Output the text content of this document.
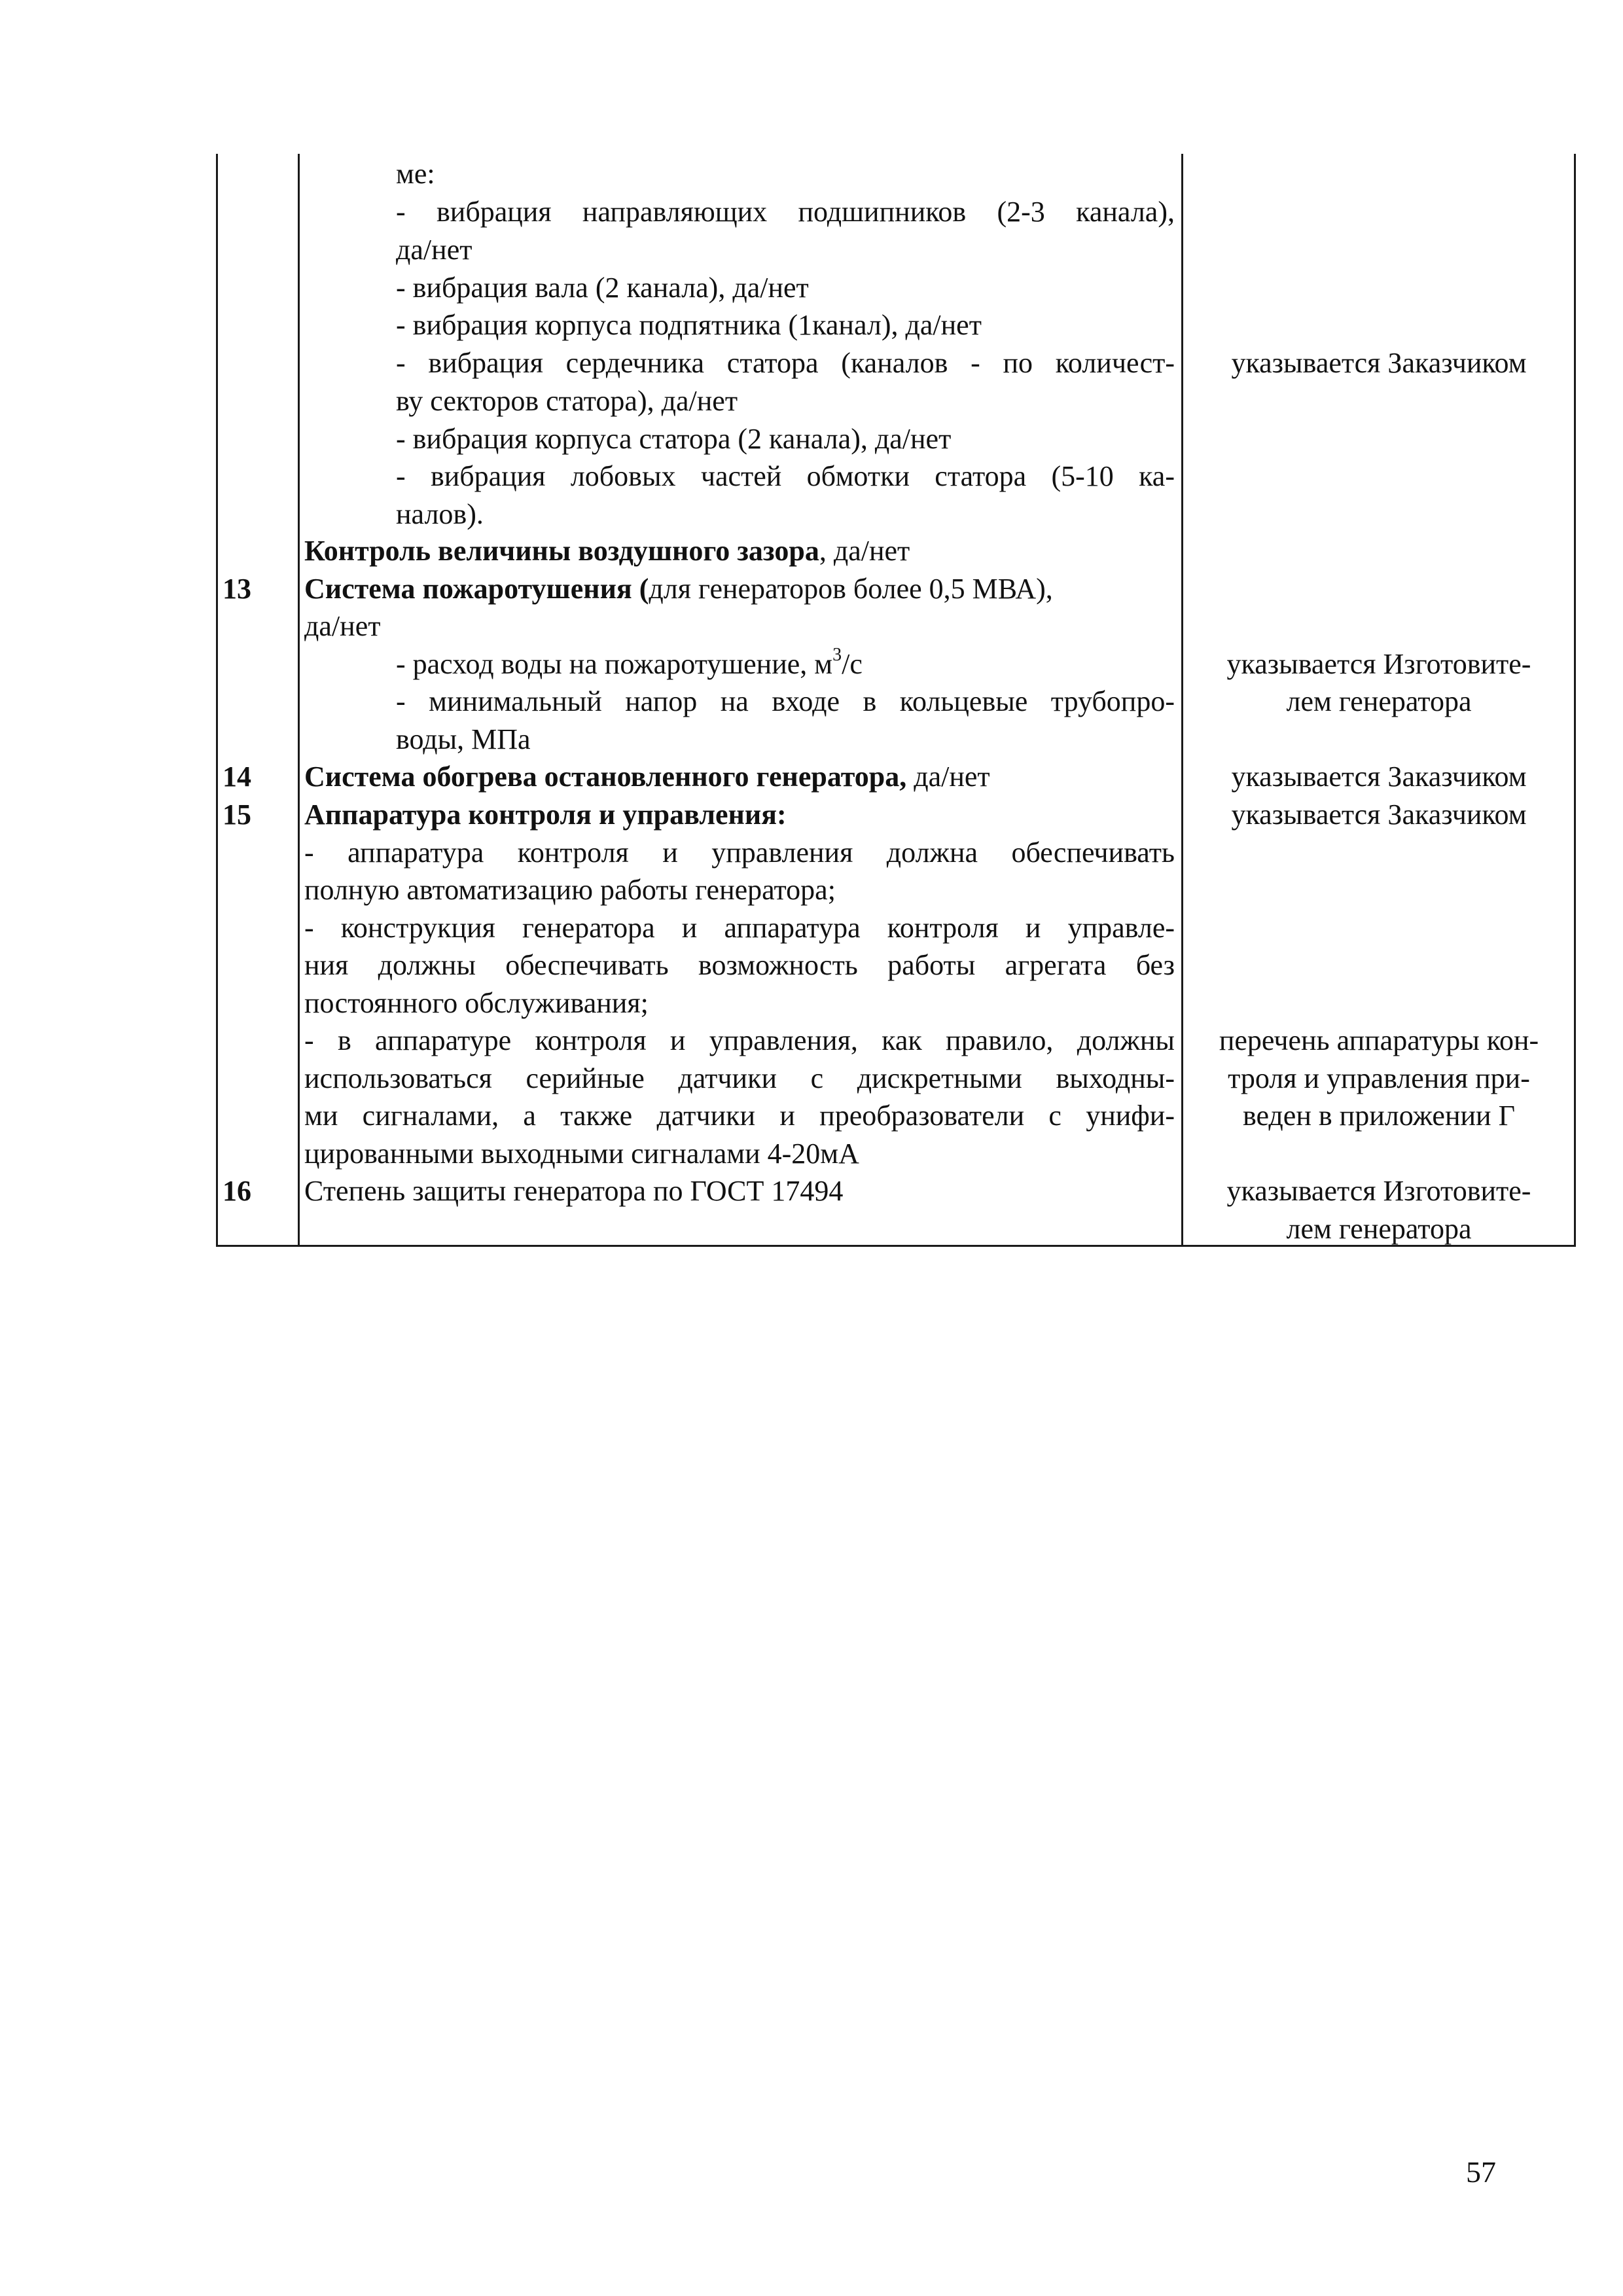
13
14
15
16
ме:
- вибрация направляющих подшипников (2-3 канала),
да/нет
- вибрация вала (2 канала), да/нет
- вибрация корпуса подпятника (1канал), да/нет
- вибрация сердечника статора (каналов - по количест-
ву секторов статора), да/нет
- вибрация корпуса статора (2 канала), да/нет
- вибрация лобовых частей обмотки статора (5-10 ка-
налов).
Контроль величины воздушного зазора, да/нет
Система пожаротушения (для генераторов более 0,5 МВА),
да/нет
- расход воды на пожаротушение, $м^3/с$
- минимальный напор на входе в кольцевые трубопро-
воды, МПа
Система обогрева остановленного генератора, да/нет
Аппаратура контроля и управления:
- аппаратура контроля и управления должна обеспечивать
полную автоматизацию работы генератора;
- конструкция генератора и аппаратура контроля и управле-
ния должны обеспечивать возможность работы агрегата без
постоянного обслуживания;
- в аппаратуре контроля и управления, как правило, должны
использоваться серийные датчики с дискретными выходны-
ми сигналами, а также датчики и преобразователи с унифи-
цированными выходными сигналами 4-20мА
Степень защиты генератора по ГОСТ 17494
указывается Заказчиком
указывается Изготовите-
лем генератора
указывается Заказчиком
указывается Заказчиком
перечень аппаратуры кон-
троля и управления при-
веден в приложении Г
указывается Изготовите-
лем генератора
57
